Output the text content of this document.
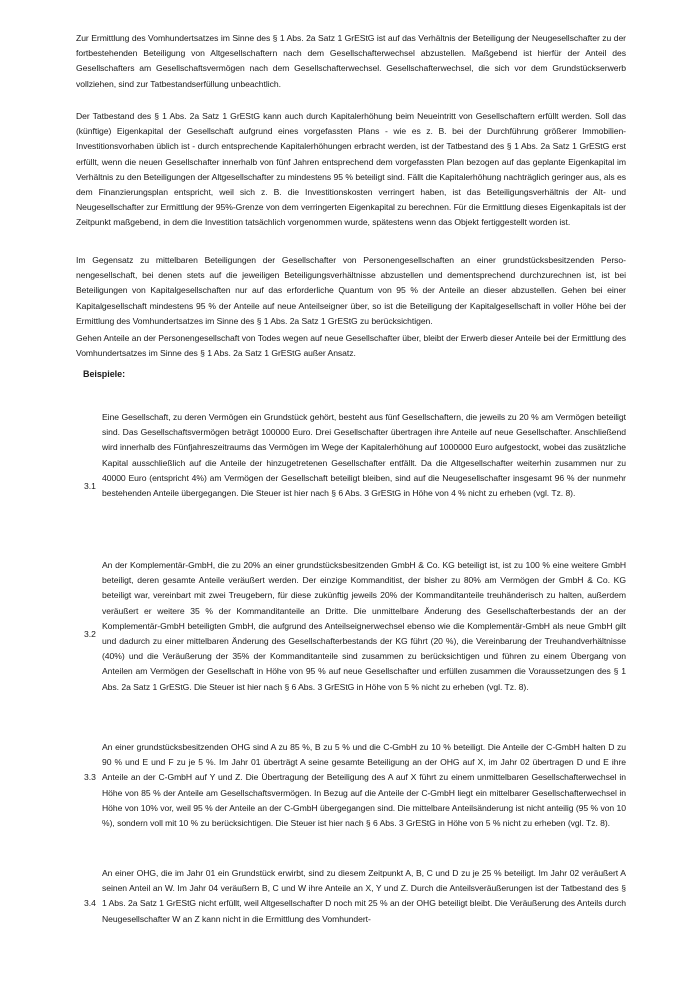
Zur Ermittlung des Vomhundertsatzes im Sinne des § 1 Abs. 2a Satz 1 GrEStG ist auf das Verhältnis der Beteiligung der Neugesellschafter zu der fortbestehenden Beteiligung von Altgesellschaftern nach dem Gesellschafterwechsel abzustellen. Maßgebend ist hierfür der Anteil des Gesellschafters am Gesellschaftsvermögen nach dem Gesellschafterwechsel. Gesellschafterwechsel, die sich vor dem Grundstückserwerb vollziehen, sind zur Tatbestandserfüllung unbeachtlich.

Der Tatbestand des § 1 Abs. 2a Satz 1 GrEStG kann auch durch Kapitalerhöhung beim Neueintritt von Gesellschaftern erfüllt werden. Soll das (künftige) Eigenkapital der Gesellschaft aufgrund eines vorgefassten Plans - wie es z. B. bei der Durchführung größerer Immobilien-Investitionsvorhaben üblich ist - durch entsprechende Kapitalerhöhungen erbracht werden, ist der Tatbestand des § 1 Abs. 2a Satz 1 GrEStG erst erfüllt, wenn die neuen Gesellschafter innerhalb von fünf Jahren entsprechend dem vorgefassten Plan bezogen auf das geplante Eigenkapital im Verhältnis zu den Beteiligungen der Altgesellschafter zu mindestens 95 % beteiligt sind. Fällt die Kapitalerhöhung nachträglich geringer aus, als es dem Finanzierungsplan entspricht, weil sich z. B. die Investitionskosten verringert haben, ist das Beteiligungsverhältnis der Alt- und Neugesellschafter zur Ermittlung der 95%-Grenze von dem verringerten Eigenkapital zu berechnen. Für die Ermittlung dieses Eigenkapitals ist der Zeitpunkt maßgebend, in dem die Investition tatsächlich vorgenommen wurde, spätestens wenn das Objekt fertiggestellt worden ist.

Im Gegensatz zu mittelbaren Beteiligungen der Gesellschafter von Personengesellschaften an einer grundstücksbesitzenden Personengesellschaft, bei denen stets auf die jeweiligen Beteiligungsverhältnisse abzustellen und dementsprechend durchzurechnen ist, ist bei Beteiligungen von Kapitalgesellschaften nur auf das erforderliche Quantum von 95 % der Anteile an dieser abzustellen. Gehen bei einer Kapitalgesellschaft mindestens 95 % der Anteile auf neue Anteilseigner über, so ist die Beteiligung der Kapitalgesellschaft in voller Höhe bei der Ermittlung des Vomhundertsatzes im Sinne des § 1 Abs. 2a Satz 1 GrEStG zu berücksichtigen.

Gehen Anteile an der Personengesellschaft von Todes wegen auf neue Gesellschafter über, bleibt der Erwerb dieser Anteile bei der Ermittlung des Vomhundertsatzes im Sinne des § 1 Abs. 2a Satz 1 GrEStG außer Ansatz.

Beispiele:

3.1

Eine Gesellschaft, zu deren Vermögen ein Grundstück gehört, besteht aus fünf Gesellschaftern, die jeweils zu 20 % am Vermögen beteiligt sind. Das Gesellschaftsvermögen beträgt 100000 Euro. Drei Gesellschafter übertragen ihre Anteile auf neue Gesellschafter. Anschließend wird innerhalb des Fünfjahreszeitraums das Vermögen im Wege der Kapitalerhöhung auf 1000000 Euro aufgestockt, wobei das zusätzliche Kapital ausschließlich auf die Anteile der hinzugetretenen Gesellschafter entfällt. Da die Altgesellschafter weiterhin zusammen nur zu 40000 Euro (entspricht 4%) am Vermögen der Gesellschaft beteiligt bleiben, sind auf die Neugesellschafter insgesamt 96 % der nunmehr bestehenden Anteile übergegangen. Die Steuer ist hier nach § 6 Abs. 3 GrEStG in Höhe von 4 % nicht zu erheben (vgl. Tz. 8).

3.2

An der Komplementär-GmbH, die zu 20% an einer grundstücksbesitzenden GmbH & Co. KG beteiligt ist, ist zu 100 % eine weitere GmbH beteiligt, deren gesamte Anteile veräußert werden. Der einzige Kommanditist, der bisher zu 80% am Vermögen der GmbH & Co. KG beteiligt war, vereinbart mit zwei Treugebern, für diese zukünftig jeweils 20% der Kommanditanteile treuhänderisch zu halten, außerdem veräußert er weitere 35 % der Kommanditanteile an Dritte. Die unmittelbare Änderung des Gesellschafterbestands der an der Komplementär-GmbH beteiligten GmbH, die aufgrund des Anteilseignerwechsel ebenso wie die Komplementär-GmbH als neue GmbH gilt und dadurch zu einer mittelbaren Änderung des Gesellschafterbestands der KG führt (20 %), die Vereinbarung der Treuhandverhältnisse (40%) und die Veräußerung der 35% der Kommanditanteile sind zusammen zu berücksichtigen und führen zu einem Übergang von Anteilen am Vermögen der Gesellschaft in Höhe von 95 % auf neue Gesellschafter und erfüllen zusammen die Voraussetzungen des § 1 Abs. 2a Satz 1 GrEStG. Die Steuer ist hier nach § 6 Abs. 3 GrEStG in Höhe von 5 % nicht zu erheben (vgl. Tz. 8).

3.3

An einer grundstücksbesitzenden OHG sind A zu 85 %, B zu 5 % und die C-GmbH zu 10 % beteiligt. Die Anteile der C-GmbH halten D zu 90 % und E und F zu je 5 %. Im Jahr 01 überträgt A seine gesamte Beteiligung an der OHG auf X, im Jahr 02 übertragen D und E ihre Anteile an der C-GmbH auf Y und Z. Die Übertragung der Beteiligung des A auf X führt zu einem unmittelbaren Gesellschafterwechsel in Höhe von 85 % der Anteile am Gesellschaftsvermögen. In Bezug auf die Anteile der C-GmbH liegt ein mittelbarer Gesellschafterwechsel in Höhe von 10% vor, weil 95 % der Anteile an der C-GmbH übergegangen sind. Die mittelbare Anteilsänderung ist nicht anteilig (95 % von 10 %), sondern voll mit 10 % zu berücksichtigen. Die Steuer ist hier nach § 6 Abs. 3 GrEStG in Höhe von 5 % nicht zu erheben (vgl. Tz. 8).

3.4

An einer OHG, die im Jahr 01 ein Grundstück erwirbt, sind zu diesem Zeitpunkt A, B, C und D zu je 25 % beteiligt. Im Jahr 02 veräußert A seinen Anteil an W. Im Jahr 04 veräußern B, C und W ihre Anteile an X, Y und Z. Durch die Anteilsveräußerungen ist der Tatbestand des § 1 Abs. 2a Satz 1 GrEStG nicht erfüllt, weil Altgesellschafter D noch mit 25 % an der OHG beteiligt bleibt. Die Veräußerung des Anteils durch Neugesellschafter W an Z kann nicht in die Ermittlung des Vomhundert-
